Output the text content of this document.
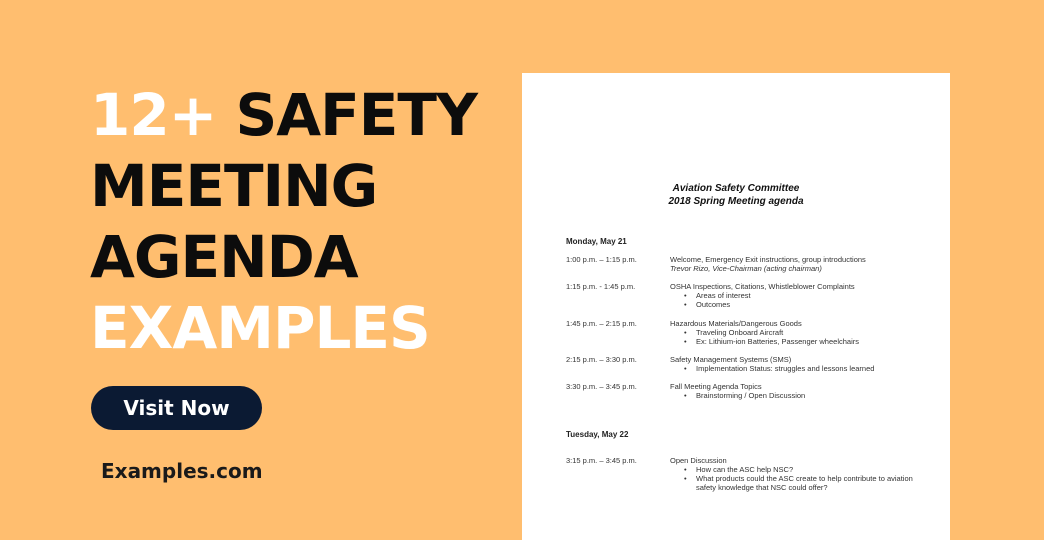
12+ SAFETY
MEETING
AGENDA
EXAMPLES
Visit Now
Examples.com
Aviation Safety Committee
2018 Spring Meeting agenda
Monday, May 21
1:00 p.m. – 1:15 p.m.	Welcome, Emergency Exit instructions, group introductions
Trevor Rizo, Vice-Chairman (acting chairman)
1:15 p.m. - 1:45 p.m.	OSHA Inspections, Citations, Whistleblower Complaints
• Areas of interest
• Outcomes
1:45 p.m. – 2:15 p.m.	Hazardous Materials/Dangerous Goods
• Traveling Onboard Aircraft
• Ex: Lithium-ion Batteries, Passenger wheelchairs
2:15 p.m. – 3:30 p.m.	Safety Management Systems (SMS)
• Implementation Status: struggles and lessons learned
3:30 p.m. – 3:45 p.m.	Fall Meeting Agenda Topics
• Brainstorming / Open Discussion
Tuesday, May 22
3:15 p.m. – 3:45 p.m.	Open Discussion
• How can the ASC help NSC?
• What products could the ASC create to help contribute to aviation safety knowledge that NSC could offer?
